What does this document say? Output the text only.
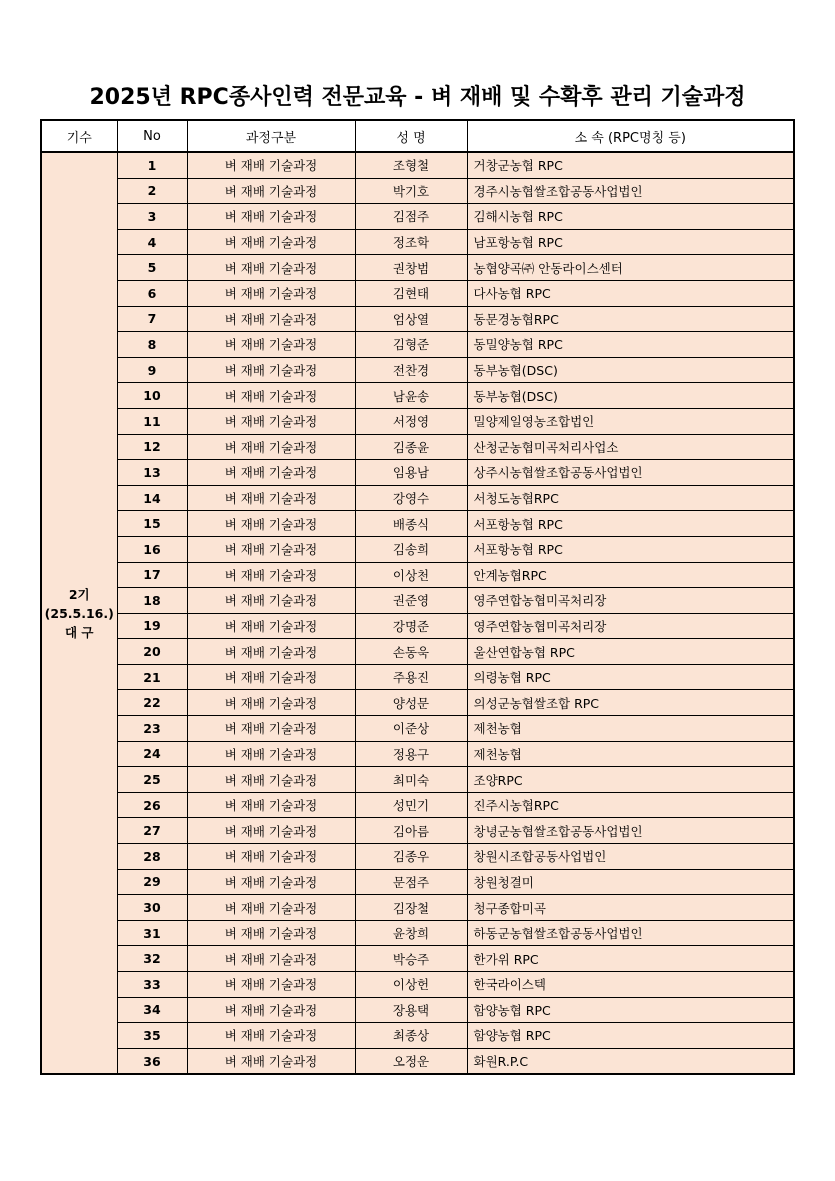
2025년 RPC종사인력 전문교육 - 벼 재배 및 수확후 관리 기술과정
기수	No	과정구분	성 명	소 속 (RPC명칭 등)

2기
(25.5.16.)
대 구	1	벼 재배 기술과정	조형철	거창군농협 RPC
	2	벼 재배 기술과정	박기호	경주시농협쌀조합공동사업법인
	3	벼 재배 기술과정	김점주	김해시농협 RPC
	4	벼 재배 기술과정	정조학	남포항농협 RPC
	5	벼 재배 기술과정	권창범	농협양곡㈜ 안동라이스센터
	6	벼 재배 기술과정	김현태	다사농협 RPC
	7	벼 재배 기술과정	엄상열	동문경농협RPC
	8	벼 재배 기술과정	김형준	동밀양농협 RPC
	9	벼 재배 기술과정	전찬경	동부농협(DSC)
	10	벼 재배 기술과정	남윤송	동부농협(DSC)
	11	벼 재배 기술과정	서정영	밀양제일영농조합법인
	12	벼 재배 기술과정	김종윤	산청군농협미곡처리사업소
	13	벼 재배 기술과정	임용남	상주시농협쌀조합공동사업법인
	14	벼 재배 기술과정	강영수	서청도농협RPC
	15	벼 재배 기술과정	배종식	서포항농협 RPC
	16	벼 재배 기술과정	김송희	서포항농협 RPC
	17	벼 재배 기술과정	이상천	안계농협RPC
	18	벼 재배 기술과정	권준영	영주연합농협미곡처리장
	19	벼 재배 기술과정	강명준	영주연합농협미곡처리장
	20	벼 재배 기술과정	손동욱	울산연합농협 RPC
	21	벼 재배 기술과정	주용진	의령농협 RPC
	22	벼 재배 기술과정	양성문	의성군농협쌀조합 RPC
	23	벼 재배 기술과정	이준상	제천농협
	24	벼 재배 기술과정	정용구	제천농협
	25	벼 재배 기술과정	최미숙	조양RPC
	26	벼 재배 기술과정	성민기	진주시농협RPC
	27	벼 재배 기술과정	김아름	창녕군농협쌀조합공동사업법인
	28	벼 재배 기술과정	김종우	창원시조합공동사업법인
	29	벼 재배 기술과정	문점주	창원청결미
	30	벼 재배 기술과정	김장철	청구종합미곡
	31	벼 재배 기술과정	윤창희	하동군농협쌀조합공동사업법인
	32	벼 재배 기술과정	박승주	한가위 RPC
	33	벼 재배 기술과정	이상헌	한국라이스텍
	34	벼 재배 기술과정	장용택	함양농협 RPC
	35	벼 재배 기술과정	최종상	함양농협 RPC
	36	벼 재배 기술과정	오정운	화원R.P.C
